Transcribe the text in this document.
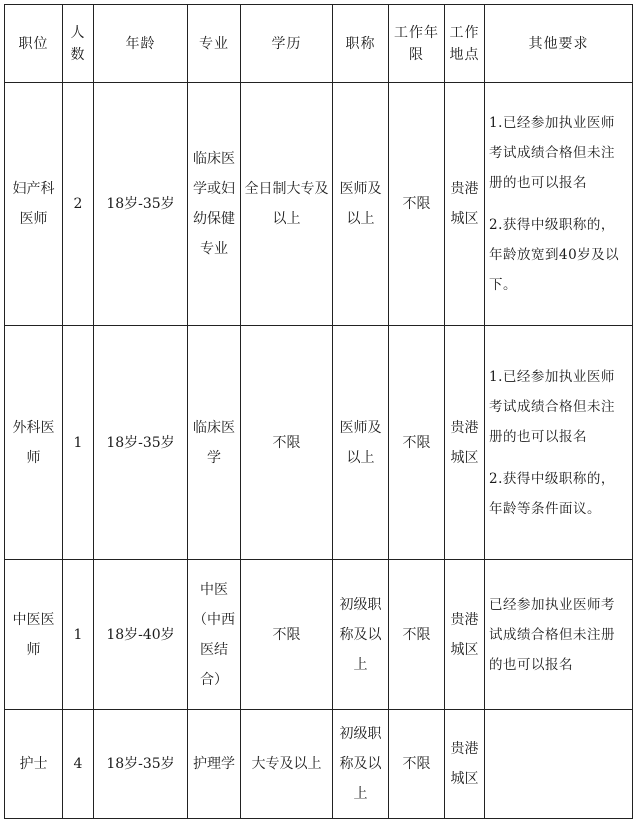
职位	人数	年龄	专业	学历	职称	工作年限	工作地点	其他要求
妇产科医师	2	18岁-35岁	临床医学或妇幼保健专业	全日制大专及以上	医师及以上	不限	贵港城区	1.已经参加执业医师考试成绩合格但未注册的也可以报名
2.获得中级职称的，年龄放宽到40岁及以下。

外科医师	1	18岁-35岁	临床医学	不限	医师及以上	不限	贵港城区	1.已经参加执业医师考试成绩合格但未注册的也可以报名
2.获得中级职称的，年龄等条件面议。

中医医师	1	18岁-40岁	中医（中西医结合）	不限	初级职称及以上	不限	贵港城区	已经参加执业医师考试成绩合格但未注册的也可以报名

护士	4	18岁-35岁	护理学	大专及以上	初级职称及以上	不限	贵港城区	
